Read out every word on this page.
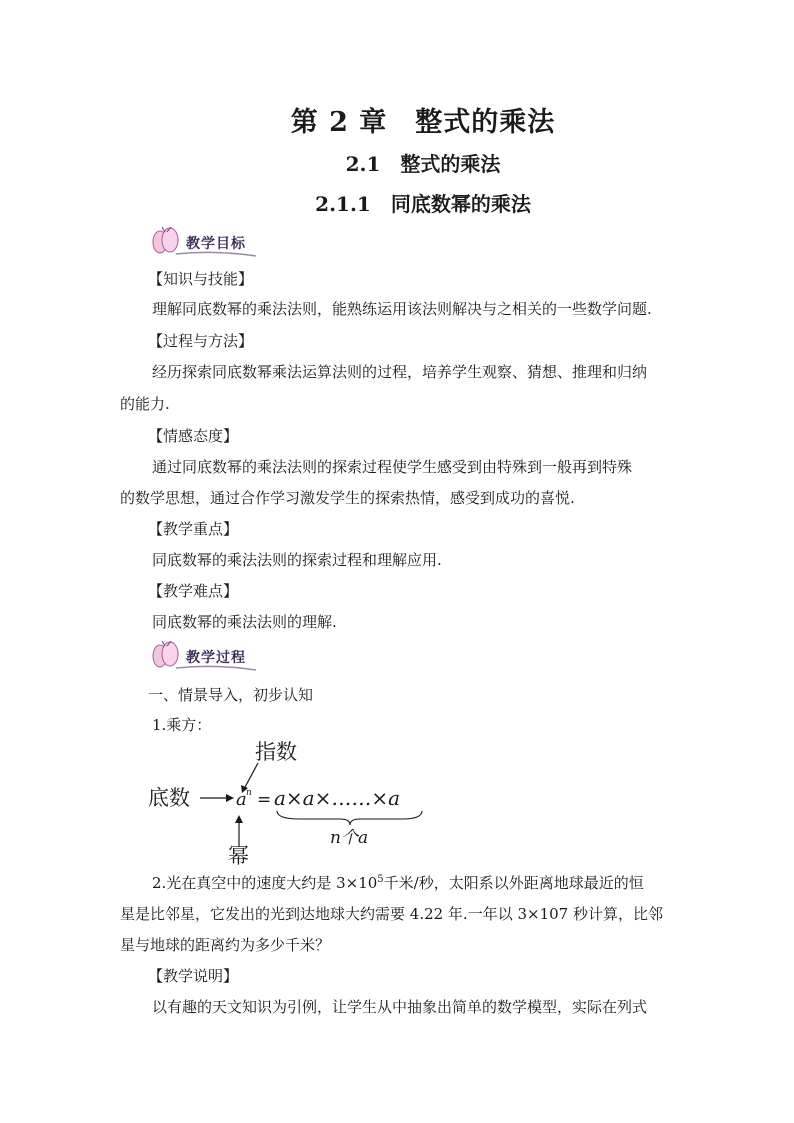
第 2 章　整式的乘法
2.1　整式的乘法
2.1.1　同底数幂的乘法
教学目标
【知识与技能】
理解同底数幂的乘法法则，能熟练运用该法则解决与之相关的一些数学问题.
【过程与方法】
经历探索同底数幂乘法运算法则的过程，培养学生观察、猜想、推理和归纳
的能力.
【情感态度】
通过同底数幂的乘法法则的探索过程使学生感受到由特殊到一般再到特殊
的数学思想，通过合作学习激发学生的探索热情，感受到成功的喜悦.
【教学重点】
同底数幂的乘法法则的探索过程和理解应用.
【教学难点】
同底数幂的乘法法则的理解.
教学过程
一、情景导入，初步认知
1.乘方：
指数
底数	a n = a×a×……×a
n个a
幂
2.光在真空中的速度大约是 $3\times 10^5$千米/秒，太阳系以外距离地球最近的恒
星是比邻星，它发出的光到达地球大约需要 4.22 年.一年以 3×107 秒计算，比邻
星与地球的距离约为多少千米？
【教学说明】
以有趣的天文知识为引例，让学生从中抽象出简单的数学模型，实际在列式
